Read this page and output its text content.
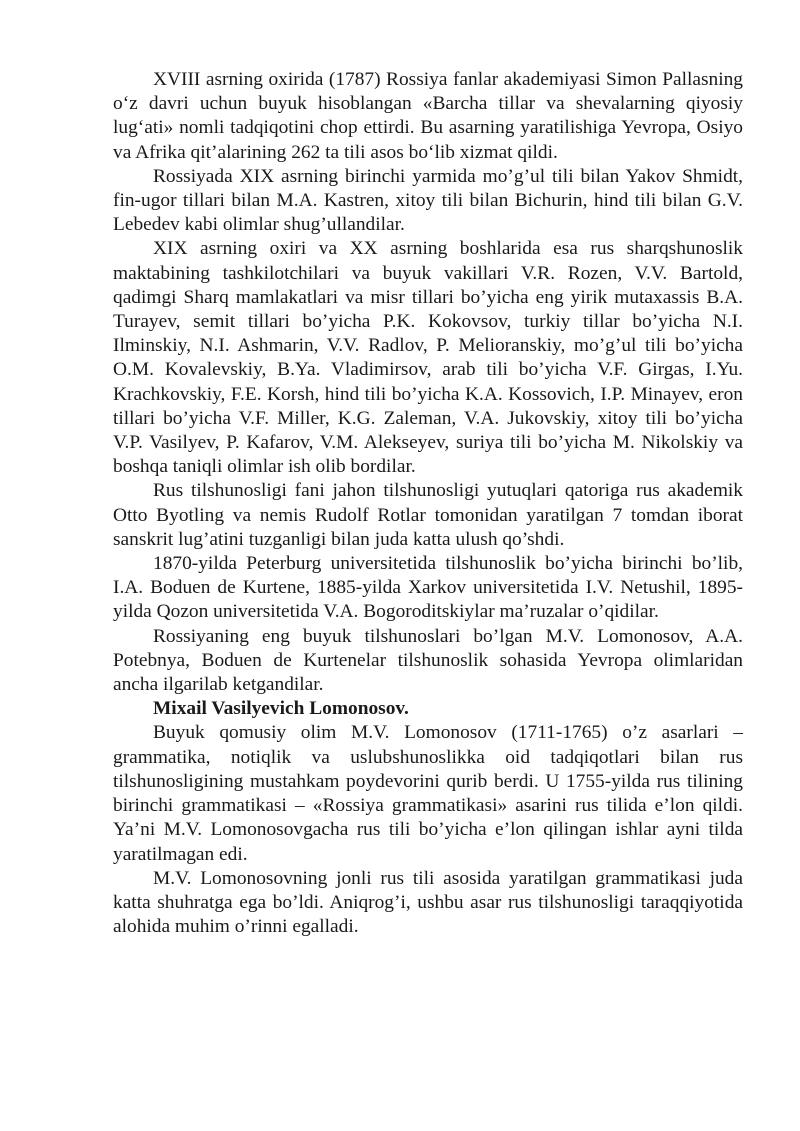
XVIII asrning oxirida (1787) Rossiya fanlar akademiyasi Simon Pallasning o‘z davri uchun buyuk hisoblangan «Barcha tillar va shevalarning qiyosiy lug‘ati» nomli tadqiqotini chop ettirdi. Bu asarning yaratilishiga Yevropa, Osiyo va Afrika qit’alarining 262 ta tili asos bo‘lib xizmat qildi.

Rossiyada XIX asrning birinchi yarmida mo’g’ul tili bilan Yakov Shmidt, fin-ugor tillari bilan M.A. Kastren, xitoy tili bilan Bichurin, hind tili bilan G.V. Lebedev kabi olimlar shug’ullandilar.

XIX asrning oxiri va XX asrning boshlarida esa rus sharqshunoslik maktabining tashkilotchilari va buyuk vakillari V.R. Rozen, V.V. Bartold, qadimgi Sharq mamlakatlari va misr tillari bo’yicha eng yirik mutaxassis B.A. Turayev, semit tillari bo’yicha P.K. Kokovsov, turkiy tillar bo’yicha N.I. Ilminskiy, N.I. Ashmarin, V.V. Radlov, P. Melioranskiy, mo’g’ul tili bo’yicha O.M. Kovalevskiy, B.Ya. Vladimirsov, arab tili bo’yicha V.F. Girgas, I.Yu. Krachkovskiy, F.E. Korsh, hind tili bo’yicha K.A. Kossovich, I.P. Minayev, eron tillari bo’yicha V.F. Miller, K.G. Zaleman, V.A. Jukovskiy, xitoy tili bo’yicha V.P. Vasilyev, P. Kafarov, V.M. Alekseyev, suriya tili bo’yicha M. Nikolskiy va boshqa taniqli olimlar ish olib bordilar.

Rus tilshunosligi fani jahon tilshunosligi yutuqlari qatoriga rus akademik Otto Byotling va nemis Rudolf Rotlar tomonidan yaratilgan 7 tomdan iborat sanskrit lug’atini tuzganligi bilan juda katta ulush qo’shdi.

1870-yilda Peterburg universitetida tilshunoslik bo’yicha birinchi bo’lib, I.A. Boduen de Kurtene, 1885-yilda Xarkov universitetida I.V. Netushil, 1895-yilda Qozon universitetida V.A. Bogoroditskiylar ma’ruzalar o’qidilar.

Rossiyaning eng buyuk tilshunoslari bo’lgan M.V. Lomonosov, A.A. Potebnya, Boduen de Kurtenelar tilshunoslik sohasida Yevropa olimlaridan ancha ilgarilab ketgandilar.

Mixail Vasilyevich Lomonosov.

Buyuk qomusiy olim M.V. Lomonosov (1711-1765) o’z asarlari – grammatika, notiqlik va uslubshunoslikka oid tadqiqotlari bilan rus tilshunosligining mustahkam poydevorini qurib berdi. U 1755-yilda rus tilining birinchi grammatikasi – «Rossiya grammatikasi» asarini rus tilida e’lon qildi. Ya’ni M.V. Lomonosovgacha rus tili bo’yicha e’lon qilingan ishlar ayni tilda yaratilmagan edi.

M.V. Lomonosovning jonli rus tili asosida yaratilgan grammatikasi juda katta shuhratga ega bo’ldi. Aniqrog’i, ushbu asar rus tilshunosligi taraqqiyotida alohida muhim o’rinni egalladi.
